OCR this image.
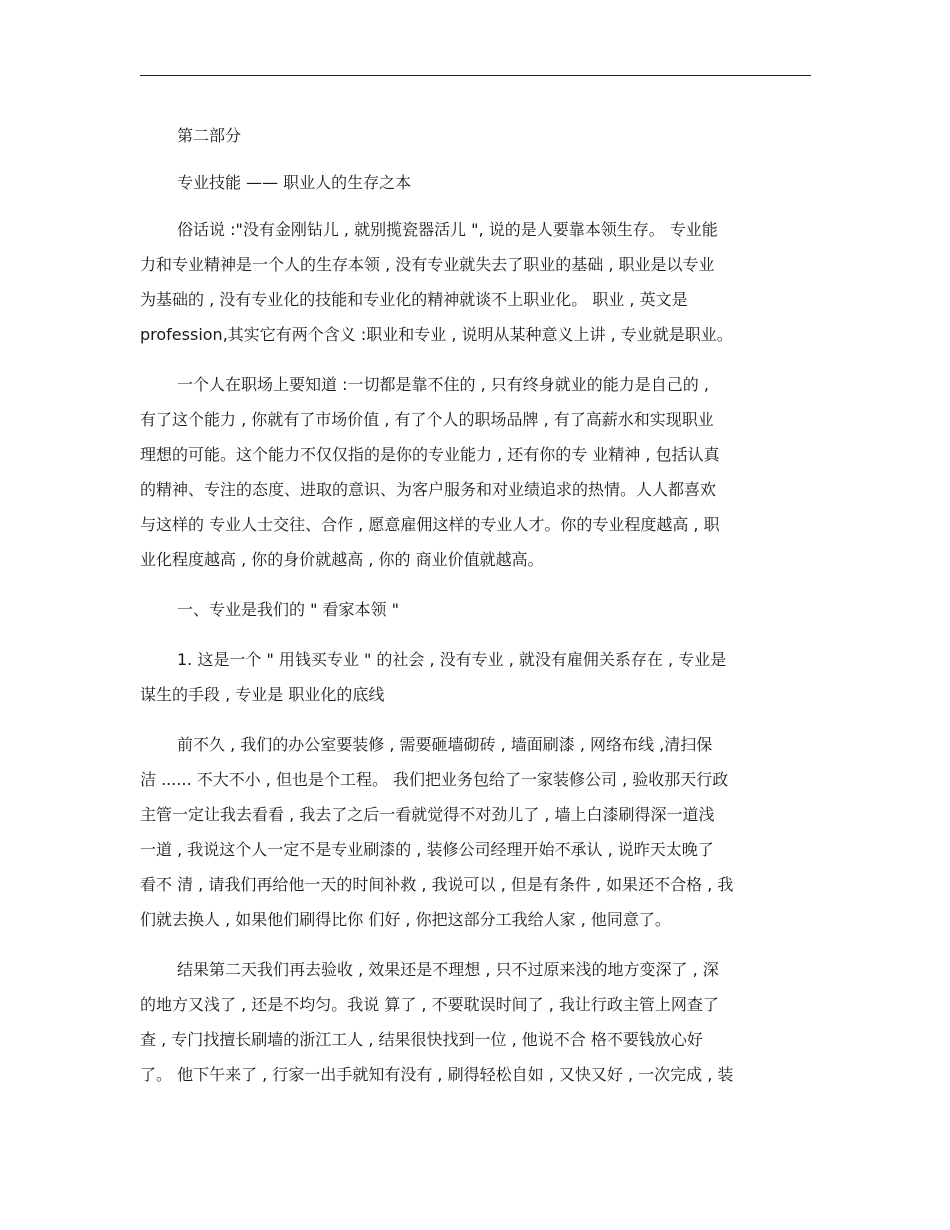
第二部分
专业技能 —— 职业人的生存之本
俗话说 :"没有金刚钻儿 , 就别揽瓷器活儿 ", 说的是人要靠本领生存。 专业能
力和专业精神是一个人的生存本领 , 没有专业就失去了职业的基础 , 职业是以专业
为基础的 , 没有专业化的技能和专业化的精神就谈不上职业化。 职业 , 英文是
profession,其实它有两个含义 :职业和专业 , 说明从某种意义上讲 , 专业就是职业。
一个人在职场上要知道 :一切都是靠不住的 , 只有终身就业的能力是自己的 ,
有了这个能力 , 你就有了市场价值 , 有了个人的职场品牌 , 有了高薪水和实现职业
理想的可能。这个能力不仅仅指的是你的专业能力 , 还有你的专 业精神 , 包括认真
的精神、专注的态度、进取的意识、为客户服务和对业绩追求的热情。人人都喜欢
与这样的 专业人士交往、合作 , 愿意雇佣这样的专业人才。你的专业程度越高 , 职
业化程度越高 , 你的身价就越高 , 你的 商业价值就越高。
一、专业是我们的 " 看家本领 "
1. 这是一个 " 用钱买专业 " 的社会 , 没有专业 , 就没有雇佣关系存在 , 专业是
谋生的手段 , 专业是 职业化的底线
前不久 , 我们的办公室要装修 , 需要砸墙砌砖 , 墙面刷漆 , 网络布线 ,清扫保
洁 ...... 不大不小 , 但也是个工程。 我们把业务包给了一家装修公司 , 验收那天行政
主管一定让我去看看 , 我去了之后一看就觉得不对劲儿了 , 墙上白漆刷得深一道浅
一道 , 我说这个人一定不是专业刷漆的 , 装修公司经理开始不承认 , 说昨天太晚了
看不 清 , 请我们再给他一天的时间补救 , 我说可以 , 但是有条件 , 如果还不合格 , 我
们就去换人 , 如果他们刷得比你 们好 , 你把这部分工我给人家 , 他同意了。
结果第二天我们再去验收 , 效果还是不理想 , 只不过原来浅的地方变深了 , 深
的地方又浅了 , 还是不均匀。我说 算了 , 不要耽误时间了 , 我让行政主管上网查了
查 , 专门找擅长刷墙的浙江工人 , 结果很快找到一位 , 他说不合 格不要钱放心好
了。 他下午来了 , 行家一出手就知有没有 , 刷得轻松自如 , 又快又好 , 一次完成 , 装
